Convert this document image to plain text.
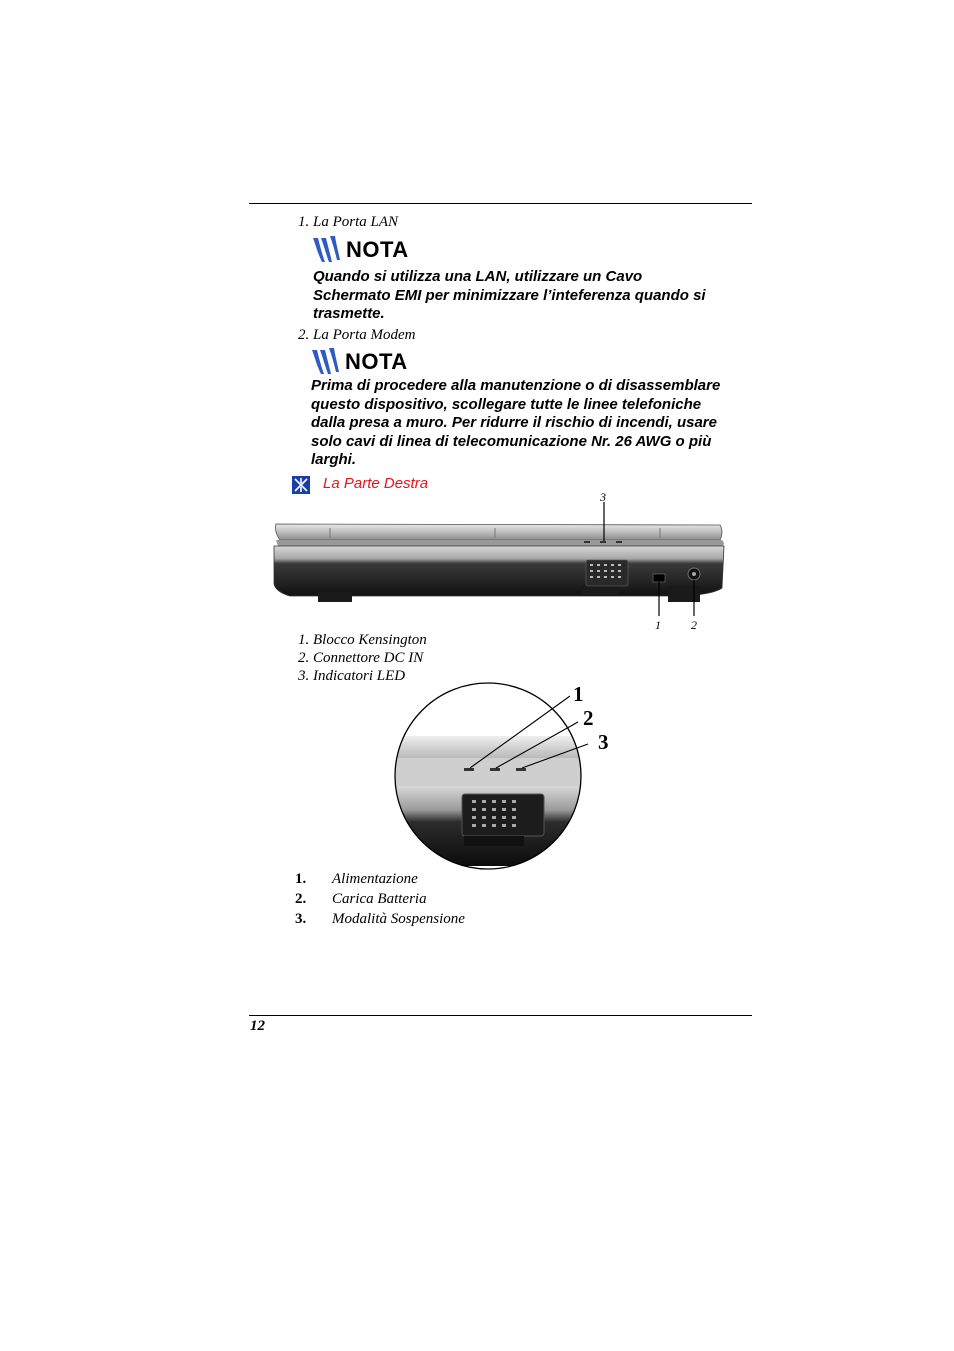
1. La Porta LAN
NOTA
Quando si utilizza una LAN, utilizzare un Cavo
Schermato EMI per minimizzare l’inteferenza quando si
trasmette.
2. La Porta Modem
NOTA
Prima di procedere alla manutenzione o di disassemblare
questo dispositivo, scollegare tutte le linee telefoniche
dalla presa a muro. Per ridurre il rischio di incendi, usare
solo cavi di linea di telecomunicazione Nr. 26 AWG o più
larghi.
La Parte Destra
3
1	2
1. Blocco Kensington
2. Connettore DC IN
3. Indicatori LED
1
2
3
1. Alimentazione
2. Carica Batteria
3. Modalità Sospensione
12
